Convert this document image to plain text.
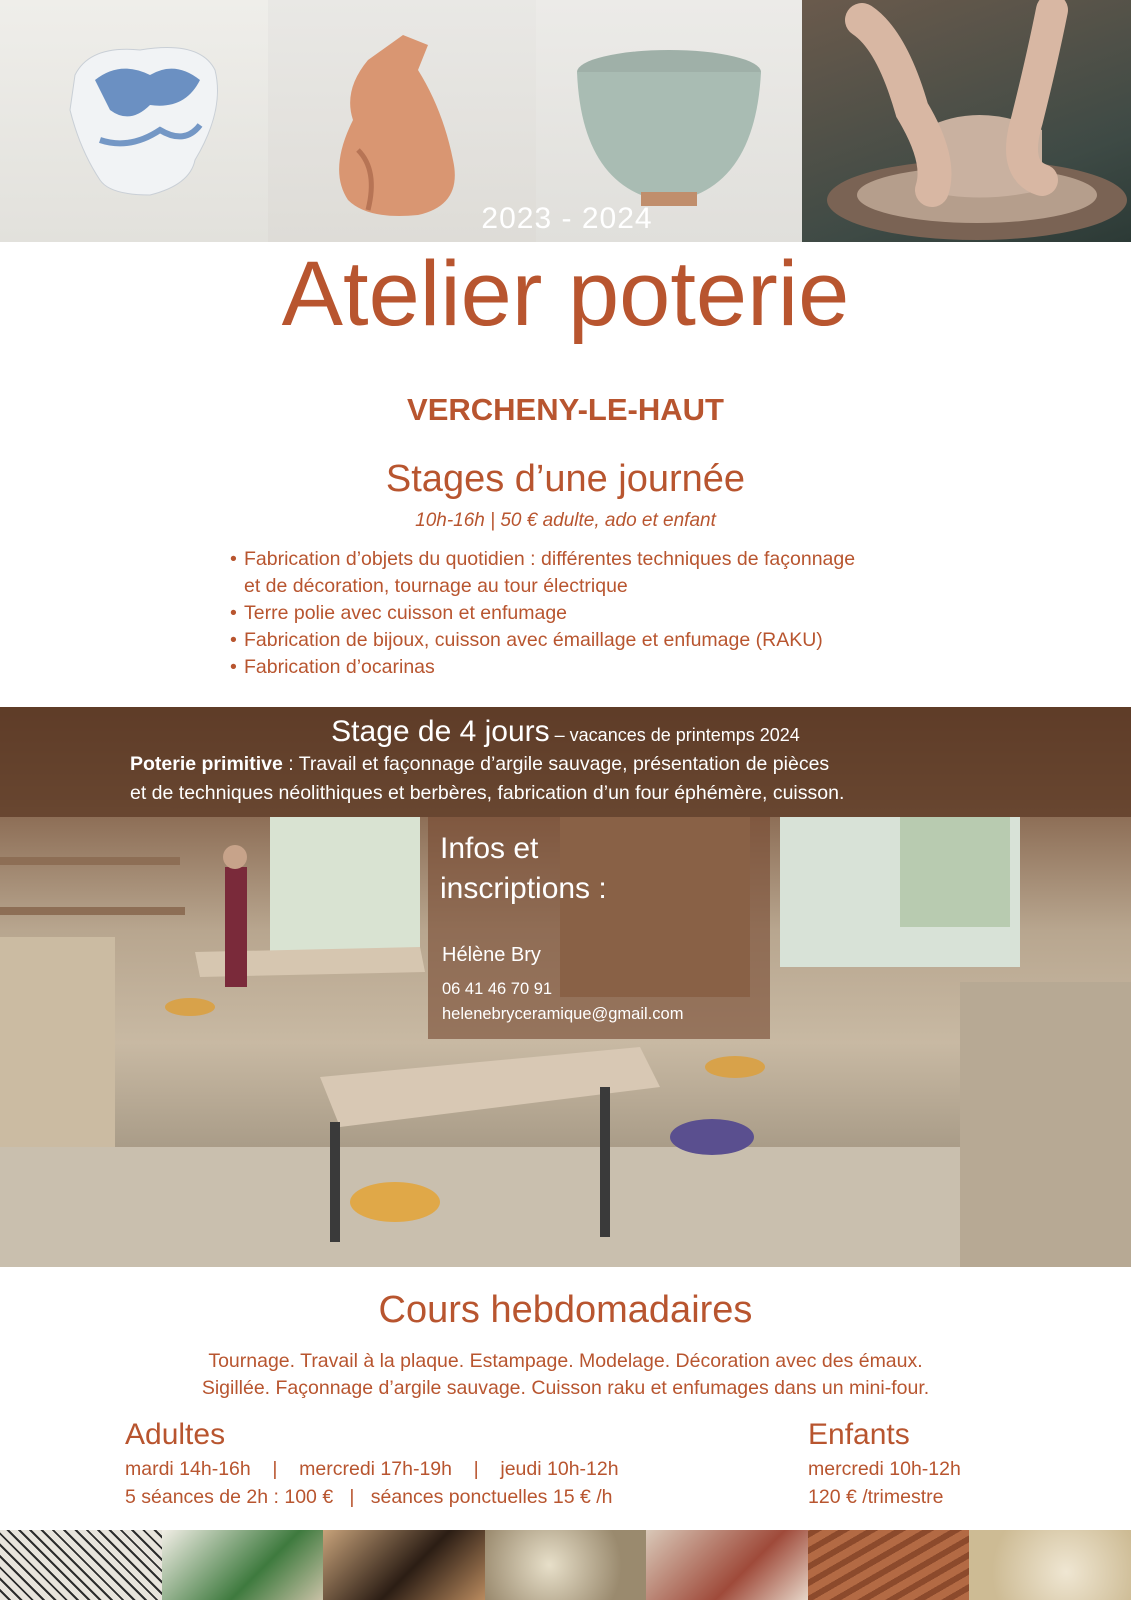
2023 - 2024
Atelier poterie
VERCHENY-LE-HAUT
Stages d’une journée
10h-16h | 50 € adulte, ado et enfant
• Fabrication d’objets du quotidien : différentes techniques de façonnage
et de décoration, tournage au tour électrique
• Terre polie avec cuisson et enfumage
• Fabrication de bijoux, cuisson avec émaillage et enfumage (RAKU)
• Fabrication d’ocarinas
Stage de 4 jours – vacances de printemps 2024
Poterie primitive : Travail et façonnage d’argile sauvage, présentation de pièces
et de techniques néolithiques et berbères, fabrication d’un four éphémère, cuisson.
Infos et
inscriptions :
Hélène Bry
06 41 46 70 91
helenebryceramique@gmail.com
Cours hebdomadaires
Tournage. Travail à la plaque. Estampage. Modelage. Décoration avec des émaux.
Sigillée. Façonnage d’argile sauvage. Cuisson raku et enfumages dans un mini-four.
Adultes
mardi 14h-16h    |    mercredi 17h-19h    |    jeudi 10h-12h
5 séances de 2h : 100 €   |   séances ponctuelles 15 € /h
Enfants
mercredi 10h-12h
120 € /trimestre
